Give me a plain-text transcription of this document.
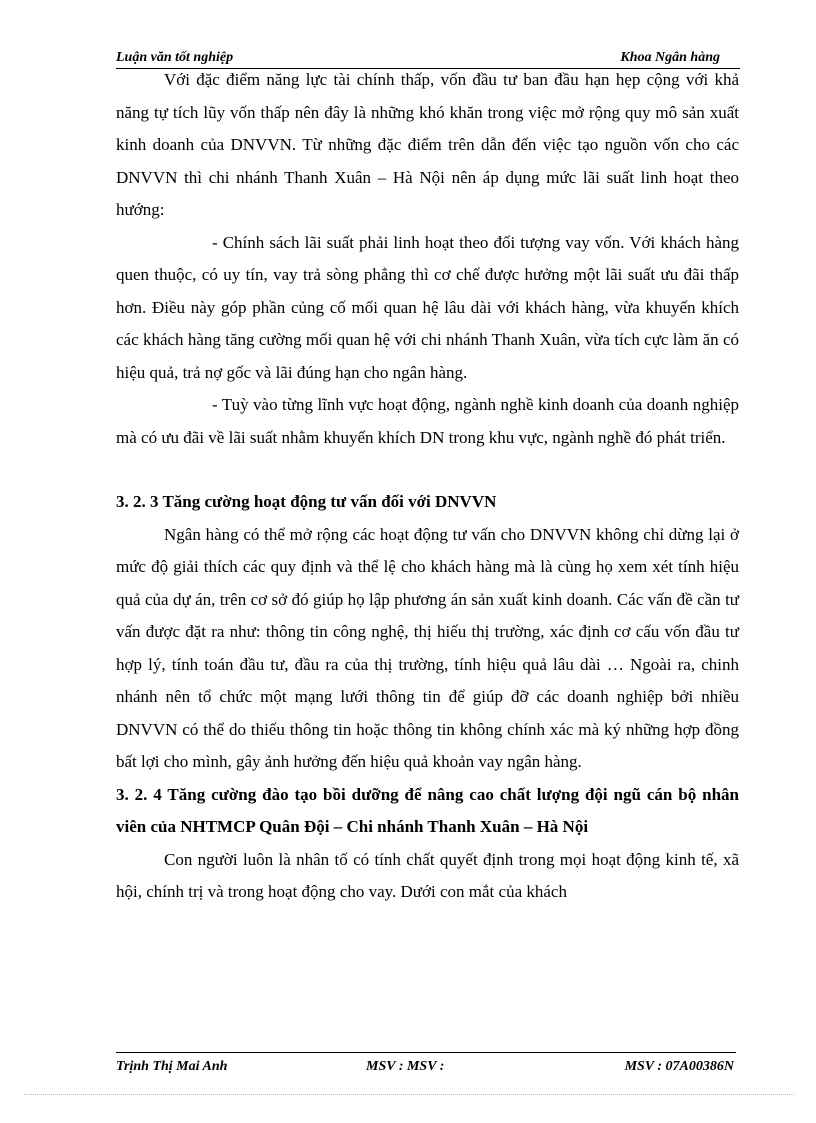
Luận văn tốt nghiệp	Khoa Ngân hàng

Với đặc điểm năng lực tài chính thấp, vốn đầu tư ban đầu hạn hẹp cộng với khả năng tự tích lũy vốn thấp nên đây là những khó khăn trong việc mở rộng quy mô sản xuất kinh doanh của DNVVN. Từ những đặc điểm trên dẫn đến việc tạo nguồn vốn cho các DNVVN thì chi nhánh Thanh Xuân – Hà Nội nên áp dụng mức lãi suất linh hoạt theo hướng:

- Chính sách lãi suất phải linh hoạt theo đối tượng vay vốn. Với khách hàng quen thuộc, có uy tín, vay trả sòng phẳng thì cơ chế được hưởng một lãi suất ưu đãi thấp hơn. Điều này góp phần củng cố mối quan hệ lâu dài với khách hàng, vừa khuyến khích các khách hàng tăng cường mối quan hệ với chi nhánh Thanh Xuân, vừa tích cực làm ăn có hiệu quả, trả nợ gốc và lãi đúng hạn cho ngân hàng.

- Tuỳ vào từng lĩnh vực hoạt động, ngành nghề kinh doanh của doanh nghiệp mà có ưu đãi về lãi suất nhằm khuyến khích DN trong khu vực, ngành nghề đó phát triển.

3. 2. 3 Tăng cường hoạt động tư vấn đối với DNVVN

Ngân hàng có thể mở rộng các hoạt động tư vấn cho DNVVN không chỉ dừng lại ở mức độ giải thích các quy định và thể lệ cho khách hàng mà là cùng họ xem xét tính hiệu quả của dự án, trên cơ sở đó giúp họ lập phương án sản xuất kinh doanh. Các vấn đề cần tư vấn được đặt ra như: thông tin công nghệ, thị hiếu thị trường, xác định cơ cấu vốn đầu tư hợp lý, tính toán đầu tư, đầu ra của thị trường, tính hiệu quả lâu dài … Ngoài ra, chinh nhánh nên tổ chức một mạng lưới thông tin để giúp đỡ các doanh nghiệp bởi nhiều DNVVN có thể do thiếu thông tin hoặc thông tin không chính xác mà ký những hợp đồng bất lợi cho mình, gây ảnh hưởng đến hiệu quả khoản vay ngân hàng.

3. 2. 4 Tăng cường đào tạo bồi dưỡng để nâng cao chất lượng đội ngũ cán bộ nhân viên của NHTMCP Quân Đội – Chi nhánh Thanh Xuân – Hà Nội

Con người luôn là nhân tố có tính chất quyết định trong mọi hoạt động kinh tế, xã hội, chính trị và trong hoạt động cho vay. Dưới con mắt của khách

Trịnh Thị Mai Anh	MSV : MSV :	MSV : 07A00386N
